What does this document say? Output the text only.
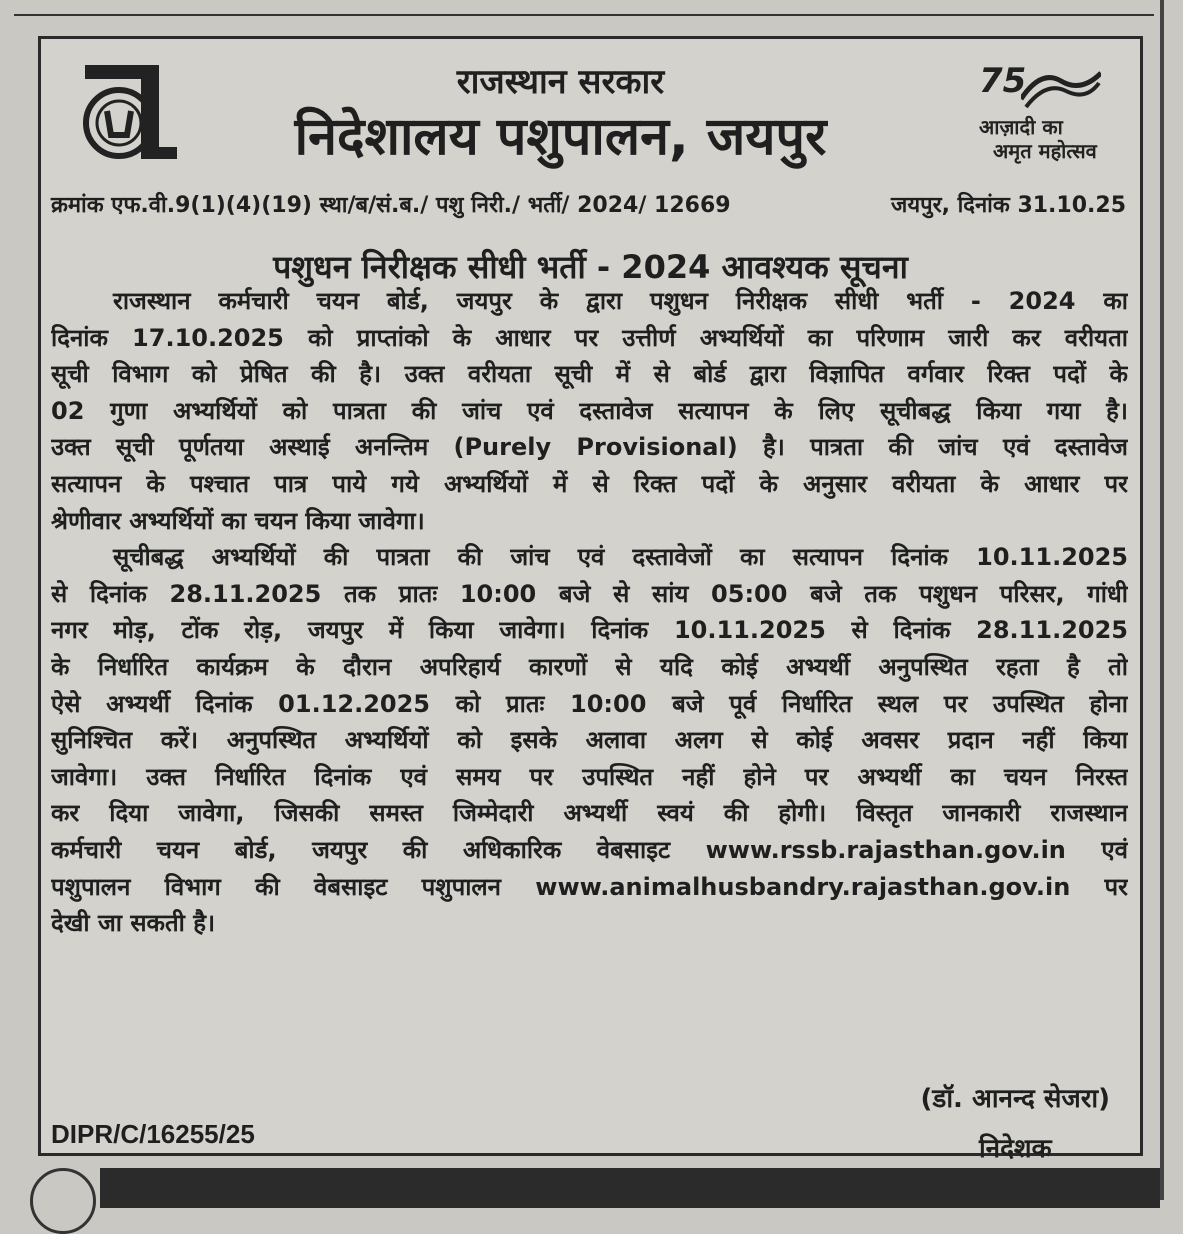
75
आज़ादी का
अमृत महोत्सव
राजस्थान सरकार
निदेशालय पशुपालन, जयपुर
क्रमांक एफ.वी.9(1)(4)(19) स्था/ब/सं.ब./ पशु निरी./ भर्ती/ 2024/ 12669	जयपुर, दिनांक 31.10.25
पशुधन निरीक्षक सीधी भर्ती - 2024 आवश्यक सूचना
राजस्थान कर्मचारी चयन बोर्ड, जयपुर के द्वारा पशुधन निरीक्षक सीधी भर्ती - 2024 का
दिनांक 17.10.2025 को प्राप्तांको के आधार पर उत्तीर्ण अभ्यर्थियों का परिणाम जारी कर वरीयता
सूची विभाग को प्रेषित की है। उक्त वरीयता सूची में से बोर्ड द्वारा विज्ञापित वर्गवार रिक्त पदों के
02 गुणा अभ्यर्थियों को पात्रता की जांच एवं दस्तावेज सत्यापन के लिए सूचीबद्ध किया गया है।
उक्त सूची पूर्णतया अस्थाई अनन्तिम (Purely Provisional) है। पात्रता की जांच एवं दस्तावेज
सत्यापन के पश्चात पात्र पाये गये अभ्यर्थियों में से रिक्त पदों के अनुसार वरीयता के आधार पर
श्रेणीवार अभ्यर्थियों का चयन किया जावेगा।
सूचीबद्ध अभ्यर्थियों की पात्रता की जांच एवं दस्तावेजों का सत्यापन दिनांक 10.11.2025
से दिनांक 28.11.2025 तक प्रातः 10:00 बजे से सांय 05:00 बजे तक पशुधन परिसर, गांधी
नगर मोड़, टोंक रोड़, जयपुर में किया जावेगा। दिनांक 10.11.2025 से दिनांक 28.11.2025
के निर्धारित कार्यक्रम के दौरान अपरिहार्य कारणों से यदि कोई अभ्यर्थी अनुपस्थित रहता है तो
ऐसे अभ्यर्थी दिनांक 01.12.2025 को प्रातः 10:00 बजे पूर्व निर्धारित स्थल पर उपस्थित होना
सुनिश्चित करें। अनुपस्थित अभ्यर्थियों को इसके अलावा अलग से कोई अवसर प्रदान नहीं किया
जावेगा। उक्त निर्धारित दिनांक एवं समय पर उपस्थित नहीं होने पर अभ्यर्थी का चयन निरस्त
कर दिया जावेगा, जिसकी समस्त जिम्मेदारी अभ्यर्थी स्वयं की होगी। विस्तृत जानकारी राजस्थान
कर्मचारी चयन बोर्ड, जयपुर की अधिकारिक वेबसाइट www.rssb.rajasthan.gov.in एवं
पशुपालन विभाग की वेबसाइट पशुपालन www.animalhusbandry.rajasthan.gov.in पर
देखी जा सकती है।
(डॉ. आनन्द सेजरा)
निदेशक
DIPR/C/16255/25
